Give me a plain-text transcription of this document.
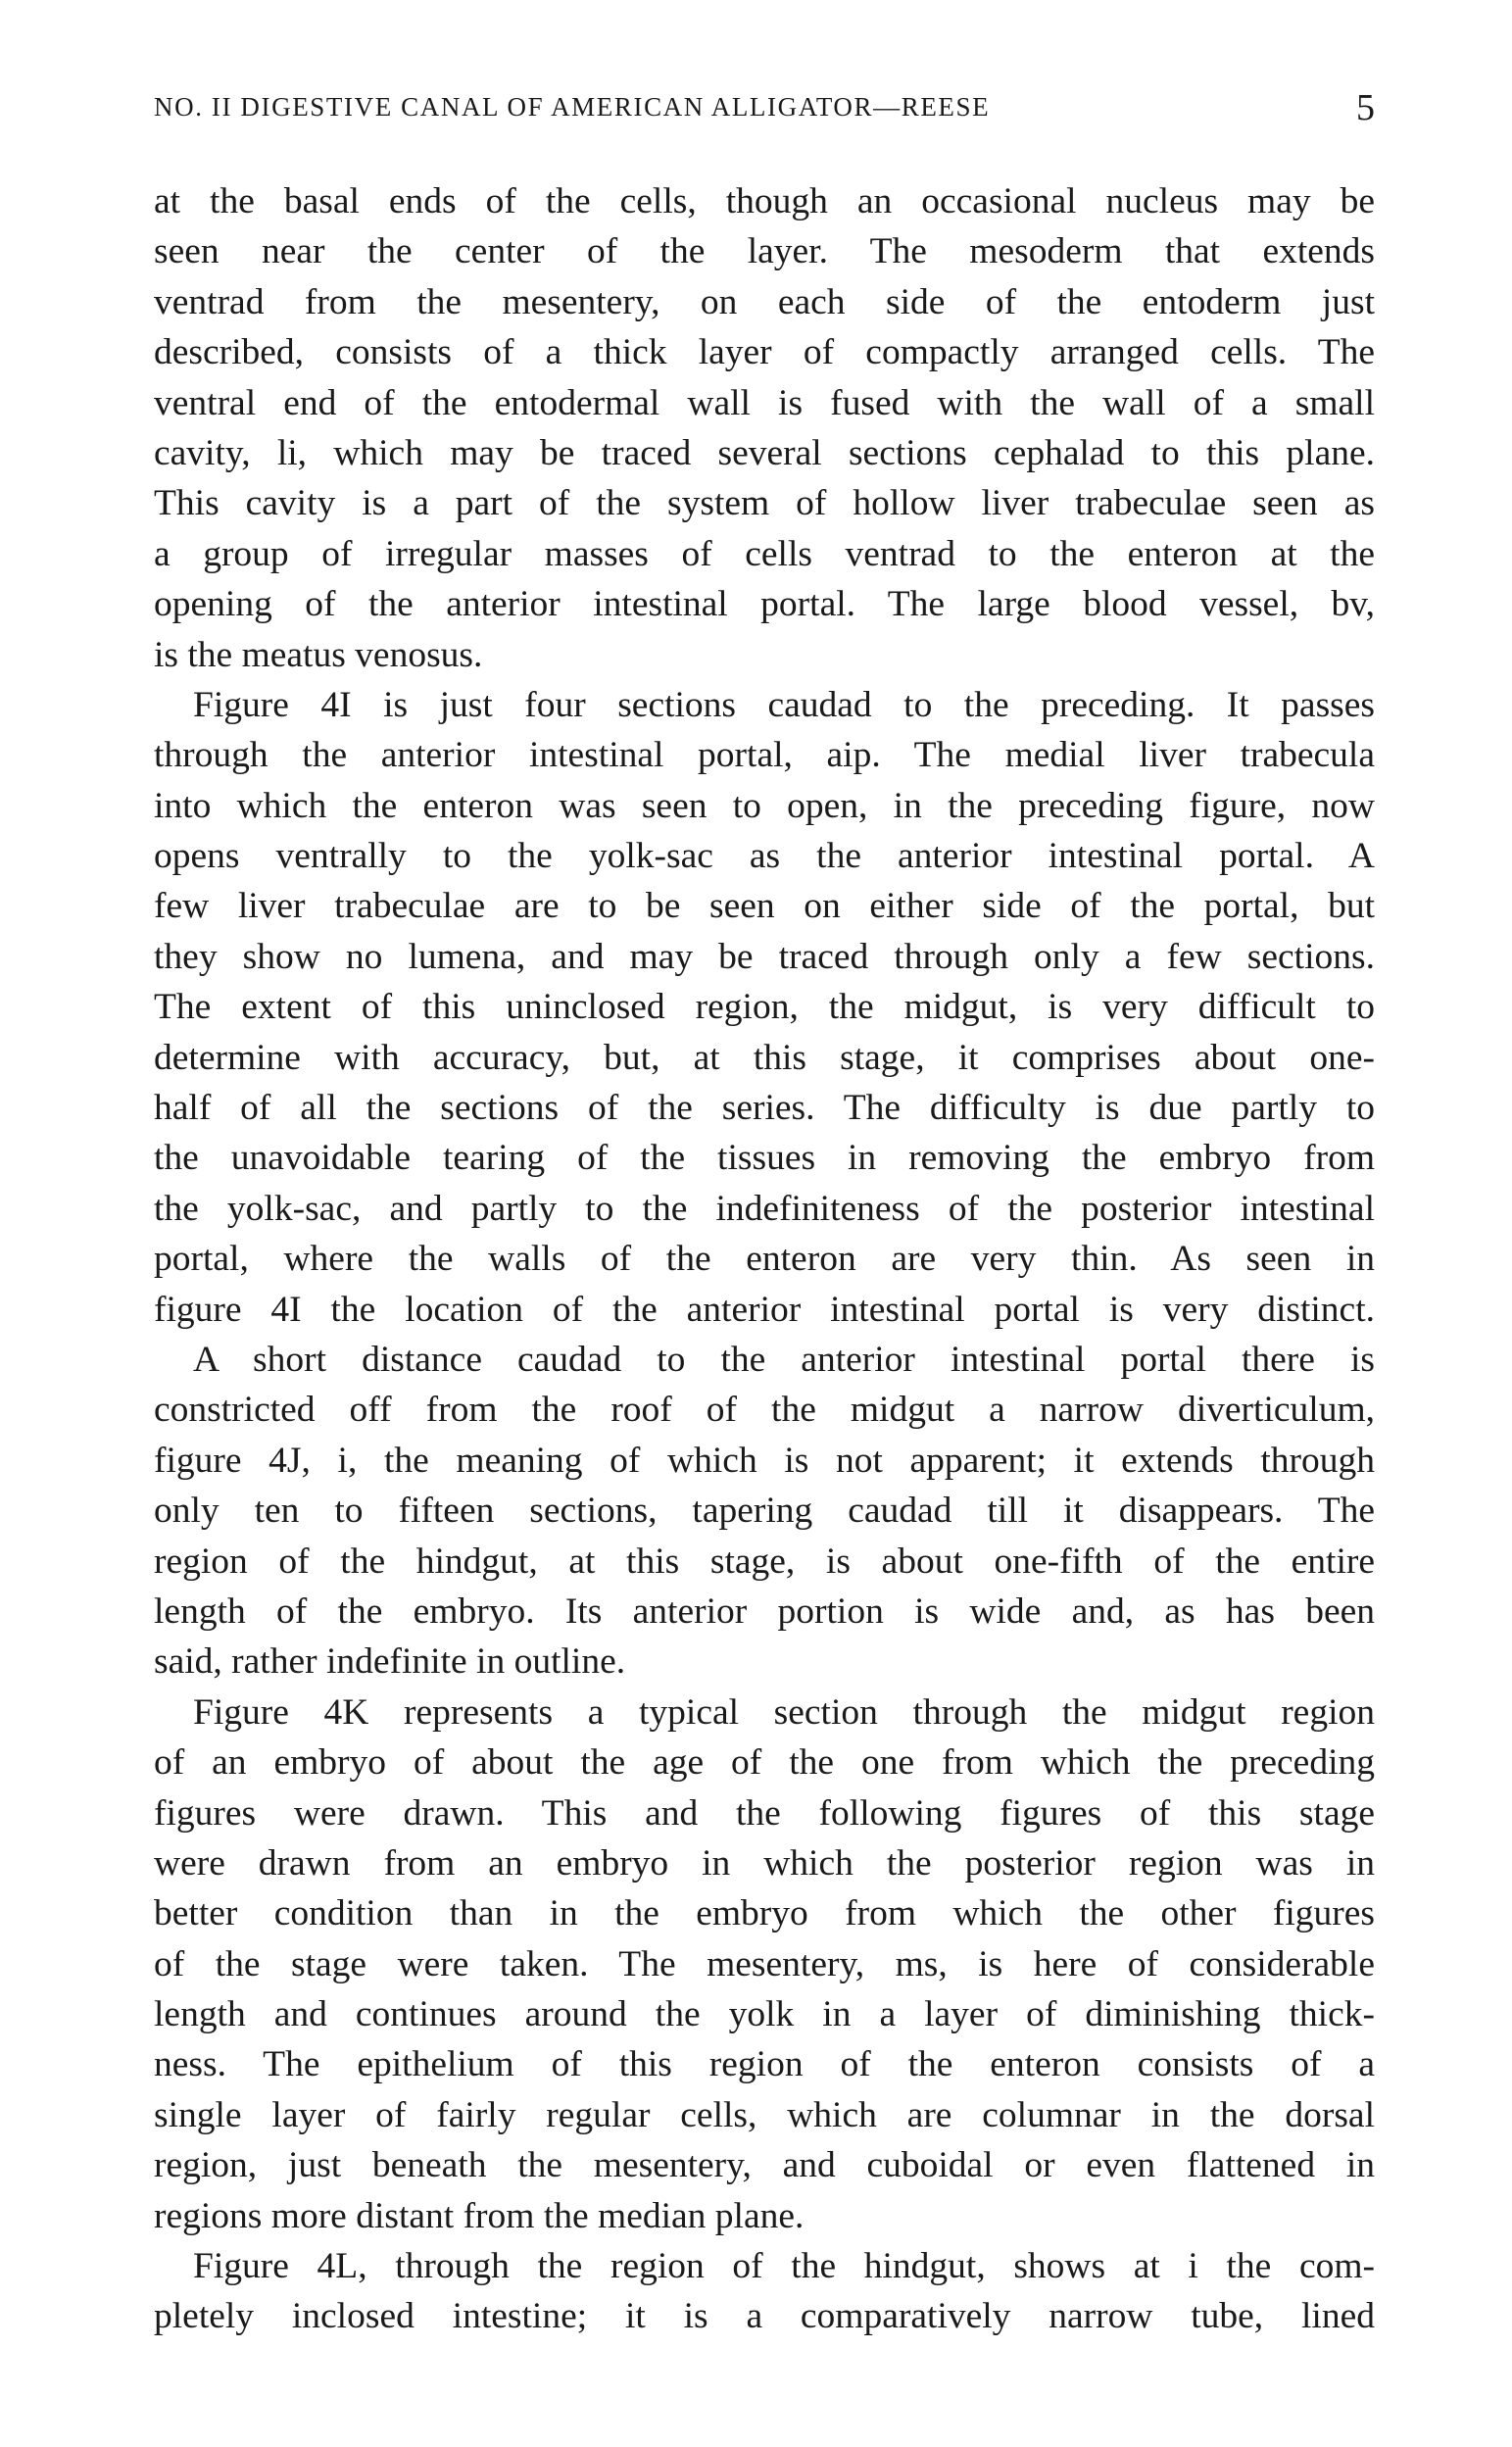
NO. II DIGESTIVE CANAL OF AMERICAN ALLIGATOR—REESE	5
at the basal ends of the cells, though an occasional nucleus may be
seen near the center of the layer. The mesoderm that extends
ventrad from the mesentery, on each side of the entoderm just
described, consists of a thick layer of compactly arranged cells. The
ventral end of the entodermal wall is fused with the wall of a small
cavity, li, which may be traced several sections cephalad to this plane.
This cavity is a part of the system of hollow liver trabeculae seen as
a group of irregular masses of cells ventrad to the enteron at the
opening of the anterior intestinal portal. The large blood vessel, bv,
is the meatus venosus.
Figure 4I is just four sections caudad to the preceding. It passes
through the anterior intestinal portal, aip. The medial liver trabecula
into which the enteron was seen to open, in the preceding figure, now
opens ventrally to the yolk-sac as the anterior intestinal portal. A
few liver trabeculae are to be seen on either side of the portal, but
they show no lumena, and may be traced through only a few sections.
The extent of this uninclosed region, the midgut, is very difficult to
determine with accuracy, but, at this stage, it comprises about one-
half of all the sections of the series. The difficulty is due partly to
the unavoidable tearing of the tissues in removing the embryo from
the yolk-sac, and partly to the indefiniteness of the posterior intestinal
portal, where the walls of the enteron are very thin. As seen in
figure 4I the location of the anterior intestinal portal is very distinct.
A short distance caudad to the anterior intestinal portal there is
constricted off from the roof of the midgut a narrow diverticulum,
figure 4J, i, the meaning of which is not apparent; it extends through
only ten to fifteen sections, tapering caudad till it disappears. The
region of the hindgut, at this stage, is about one-fifth of the entire
length of the embryo. Its anterior portion is wide and, as has been
said, rather indefinite in outline.
Figure 4K represents a typical section through the midgut region
of an embryo of about the age of the one from which the preceding
figures were drawn. This and the following figures of this stage
were drawn from an embryo in which the posterior region was in
better condition than in the embryo from which the other figures
of the stage were taken. The mesentery, ms, is here of considerable
length and continues around the yolk in a layer of diminishing thick-
ness. The epithelium of this region of the enteron consists of a
single layer of fairly regular cells, which are columnar in the dorsal
region, just beneath the mesentery, and cuboidal or even flattened in
regions more distant from the median plane.
Figure 4L, through the region of the hindgut, shows at i the com-
pletely inclosed intestine; it is a comparatively narrow tube, lined
